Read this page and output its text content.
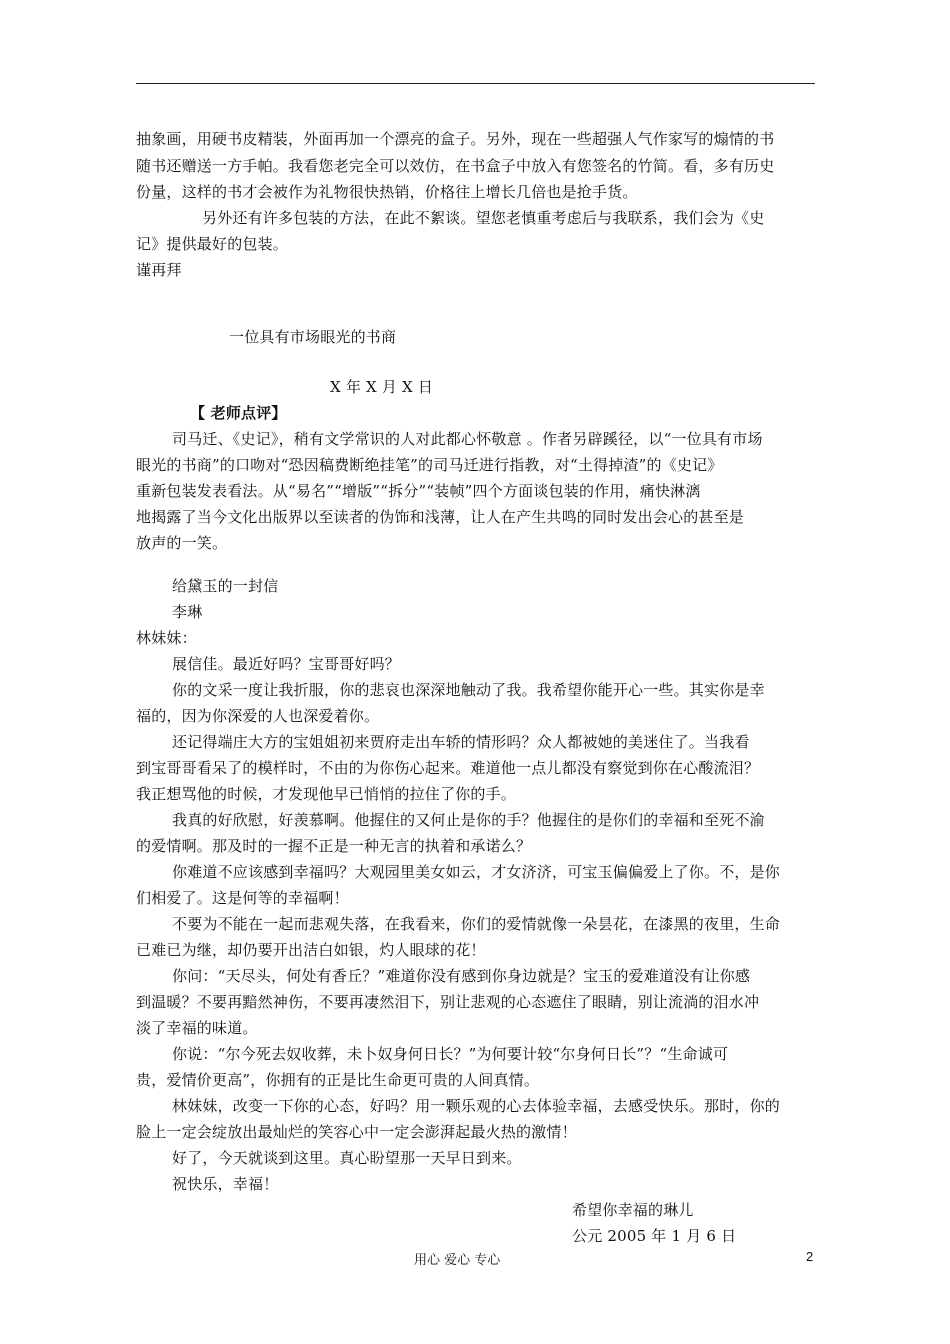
抽象画，用硬书皮精装，外面再加一个漂亮的盒子。另外，现在一些超强人气作家写的煽情的书
随书还赠送一方手帕。我看您老完全可以效仿，在书盒子中放入有您签名的竹简。看，多有历史
份量，这样的书才会被作为礼物很快热销，价格往上增长几倍也是抢手货。
另外还有许多包装的方法，在此不絮谈。望您老慎重考虑后与我联系，我们会为《史
记》提供最好的包装。
谨再拜
一位具有市场眼光的书商
X 年 X 月 X 日
【 老师点评】
司马迁、《史记》，稍有文学常识的人对此都心怀敬意 。作者另辟蹊径，以“一位具有市场
眼光的书商”的口吻对“恐因稿费断绝挂笔”的司马迁进行指教，对“土得掉渣”的《史记》
重新包装发表看法。从“易名”“增版”“拆分”“装帧”四个方面谈包装的作用，痛快淋漓
地揭露了当今文化出版界以至读者的伪饰和浅薄，让人在产生共鸣的同时发出会心的甚至是
放声的一笑。
给黛玉的一封信
李琳
林妹妹：
展信佳。最近好吗？宝哥哥好吗？
你的文采一度让我折服，你的悲哀也深深地触动了我。我希望你能开心一些。其实你是幸
福的，因为你深爱的人也深爱着你。
还记得端庄大方的宝姐姐初来贾府走出车轿的情形吗？众人都被她的美迷住了。当我看
到宝哥哥看呆了的模样时，不由的为你伤心起来。难道他一点儿都没有察觉到你在心酸流泪？
我正想骂他的时候，才发现他早已悄悄的拉住了你的手。
我真的好欣慰，好羡慕啊。他握住的又何止是你的手？他握住的是你们的幸福和至死不渝
的爱情啊。那及时的一握不正是一种无言的执着和承诺么？
你难道不应该感到幸福吗？大观园里美女如云，才女济济，可宝玉偏偏爱上了你。不，是你
们相爱了。这是何等的幸福啊！
不要为不能在一起而悲观失落，在我看来，你们的爱情就像一朵昙花，在漆黑的夜里，生命
已难已为继，却仍要开出洁白如银，灼人眼球的花！
你问：“天尽头，何处有香丘？”难道你没有感到你身边就是？宝玉的爱难道没有让你感
到温暖？不要再黯然神伤，不要再凄然泪下，别让悲观的心态遮住了眼睛，别让流淌的泪水冲
淡了幸福的味道。
你说：“尔今死去奴收葬，未卜奴身何日长？”为何要计较“尔身何日长”？“生命诚可
贵，爱情价更高”，你拥有的正是比生命更可贵的人间真情。
林妹妹，改变一下你的心态，好吗？用一颗乐观的心去体验幸福，去感受快乐。那时，你的
脸上一定会绽放出最灿烂的笑容心中一定会澎湃起最火热的激情！
好了，今天就谈到这里。真心盼望那一天早日到来。
祝快乐，幸福！
希望你幸福的琳儿
公元 2005 年 1 月 6 日
用心 爱心 专心	2
